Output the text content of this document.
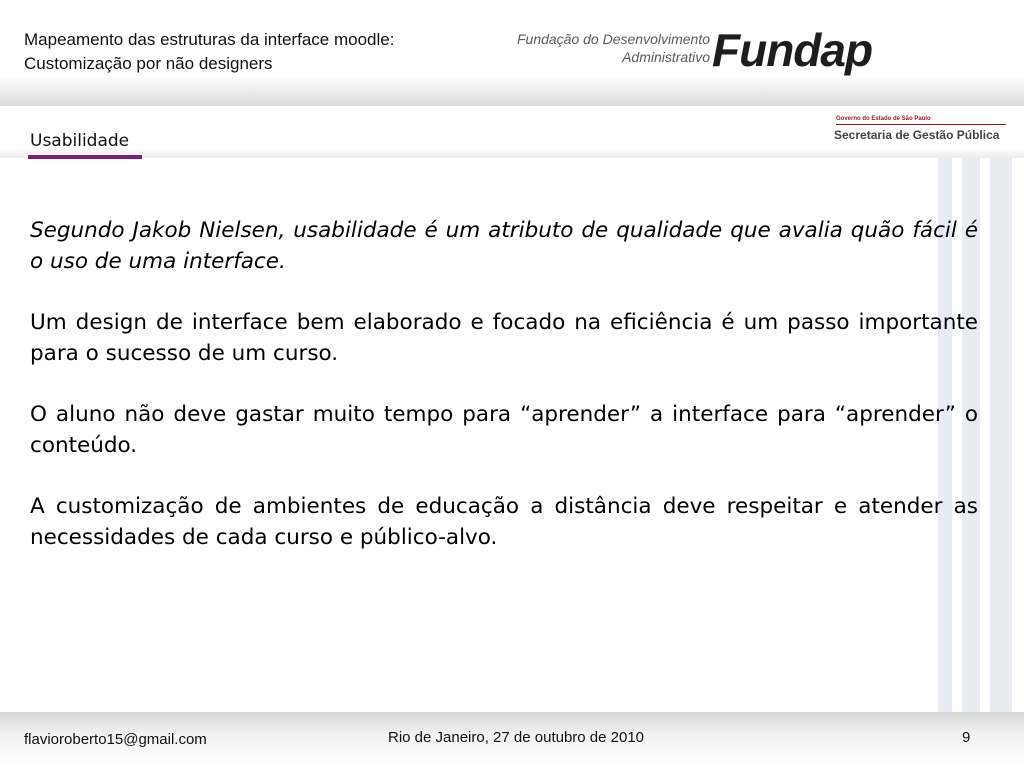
Mapeamento das estruturas da interface moodle:
Customização por não designers
Fundação do Desenvolvimento
Administrativo Fundap
Usabilidade
Governo do Estado de São Paulo
Secretaria de Gestão Pública

Segundo Jakob Nielsen, usabilidade é um atributo de qualidade que avalia quão fácil é o uso de uma interface.

Um design de interface bem elaborado e focado na eficiência é um passo importante para o sucesso de um curso.

O aluno não deve gastar muito tempo para “aprender” a interface para “aprender” o conteúdo.

A customização de ambientes de educação a distância deve respeitar e atender as necessidades de cada curso e público-alvo.

flavioroberto15@gmail.com	Rio de Janeiro, 27 de outubro de 2010	9
